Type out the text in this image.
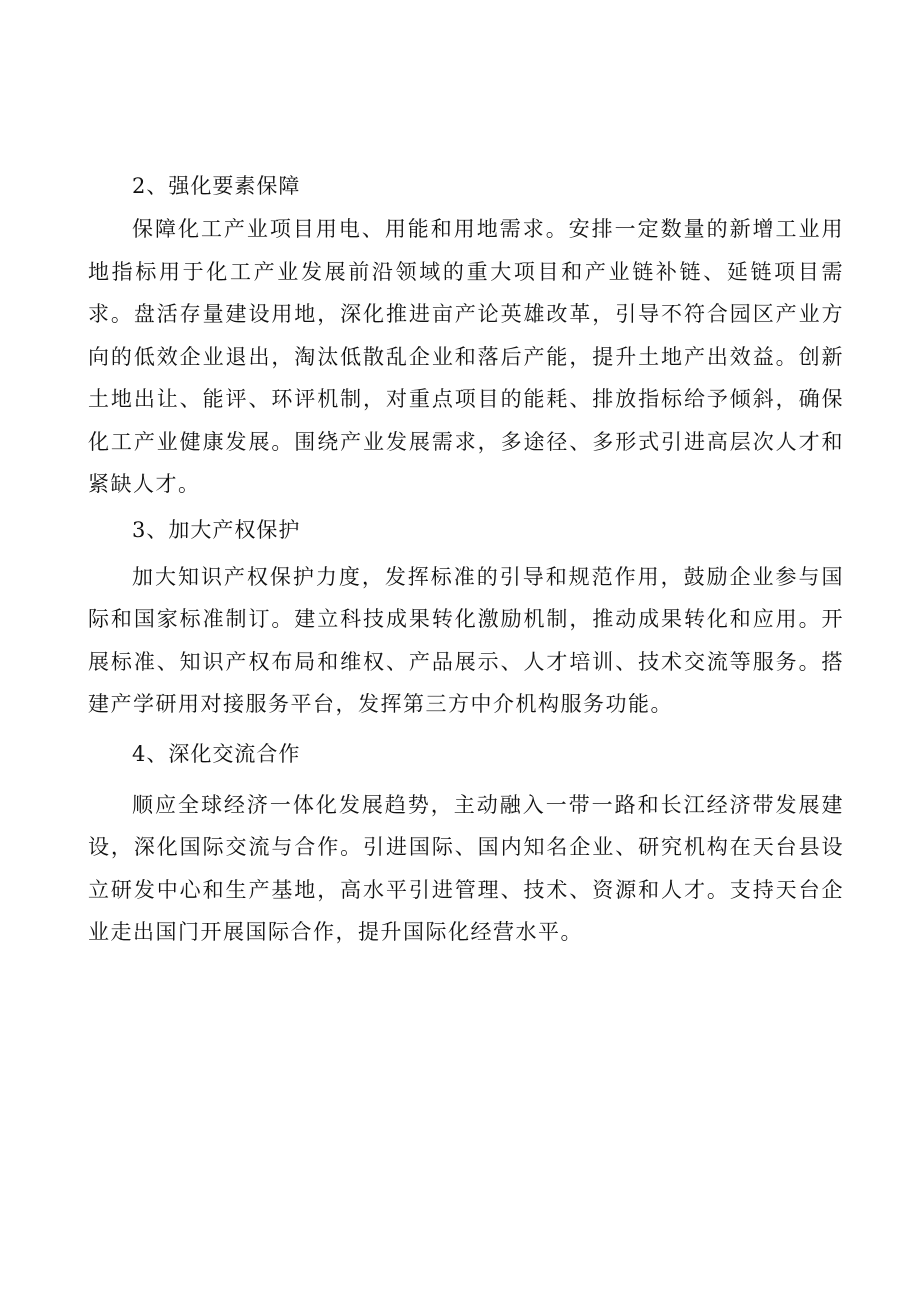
2、强化要素保障

保障化工产业项目用电、用能和用地需求。安排一定数量的新增工业用地指标用于化工产业发展前沿领域的重大项目和产业链补链、延链项目需求。盘活存量建设用地，深化推进亩产论英雄改革，引导不符合园区产业方向的低效企业退出，淘汰低散乱企业和落后产能，提升土地产出效益。创新土地出让、能评、环评机制，对重点项目的能耗、排放指标给予倾斜，确保化工产业健康发展。围绕产业发展需求，多途径、多形式引进高层次人才和紧缺人才。

3、加大产权保护

加大知识产权保护力度，发挥标准的引导和规范作用，鼓励企业参与国际和国家标准制订。建立科技成果转化激励机制，推动成果转化和应用。开展标准、知识产权布局和维权、产品展示、人才培训、技术交流等服务。搭建产学研用对接服务平台，发挥第三方中介机构服务功能。

4、深化交流合作

顺应全球经济一体化发展趋势，主动融入一带一路和长江经济带发展建设，深化国际交流与合作。引进国际、国内知名企业、研究机构在天台县设立研发中心和生产基地，高水平引进管理、技术、资源和人才。支持天台企业走出国门开展国际合作，提升国际化经营水平。
